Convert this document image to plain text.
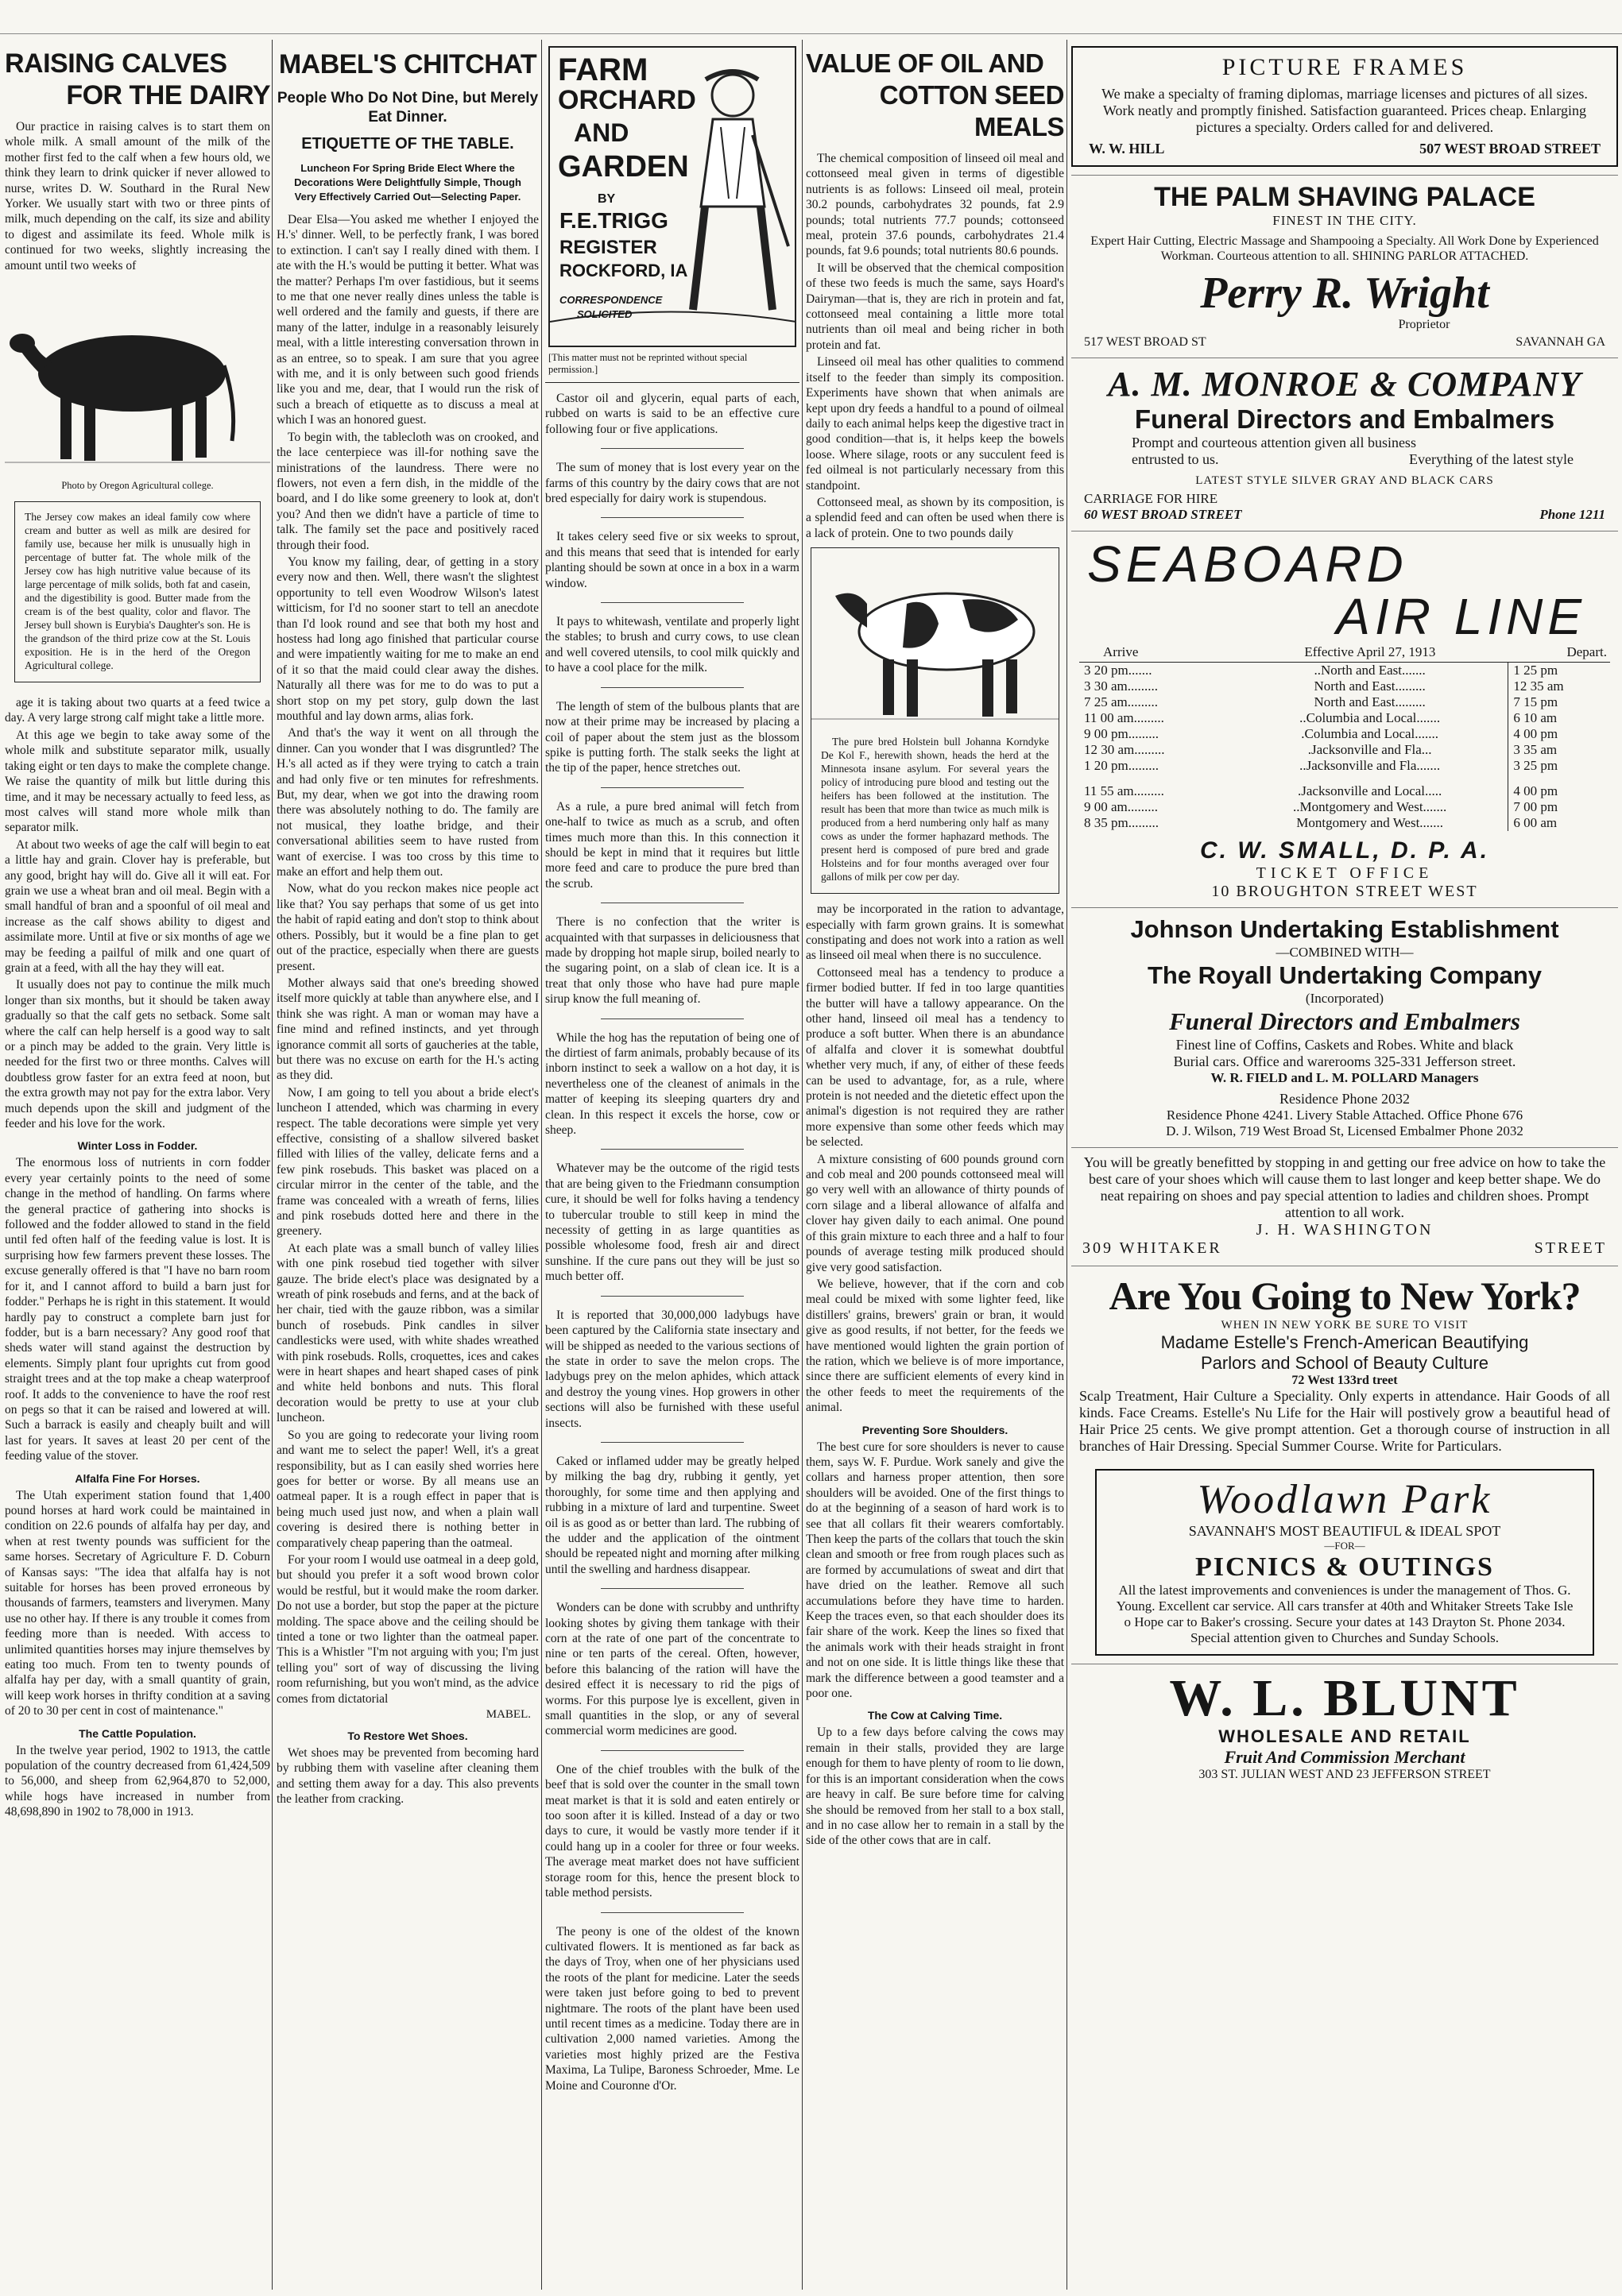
RAISING CALVES
FOR THE DAIRY

Our practice in raising calves is to start them on whole milk. A small amount of the milk of the mother first fed to the calf when a few hours old, we think they learn to drink quicker if never allowed to nurse, writes D. W. Southard in the Rural New Yorker. We usually start with two or three pints of milk, much depending on the calf, its size and ability to digest and assimilate its feed. Whole milk is continued for two weeks, slightly increasing the amount until two weeks of

Photo by Oregon Agricultural college.

The Jersey cow makes an ideal family cow where cream and butter as well as milk are desired for family use, because her milk is unusually high in percentage of butter fat. The whole milk of the Jersey cow has high nutritive value because of its large percentage of milk solids, both fat and casein, and the digestibility is good. Butter made from the cream is of the best quality, color and flavor. The Jersey bull shown is Eurybia's Daughter's son. He is the grandson of the third prize cow at the St. Louis exposition. He is in the herd of the Oregon Agricultural college.

age it is taking about two quarts at a feed twice a day. A very large strong calf might take a little more.

At this age we begin to take away some of the whole milk and substitute separator milk, usually taking eight or ten days to make the complete change. We raise the quantity of milk but little during this time, and it may be necessary actually to feed less, as most calves will stand more whole milk than separator milk.

At about two weeks of age the calf will begin to eat a little hay and grain. Clover hay is preferable, but any good, bright hay will do. Give all it will eat. For grain we use a wheat bran and oil meal. Begin with a small handful of bran and a spoonful of oil meal and increase as the calf shows ability to digest and assimilate more. Until at five or six months of age we may be feeding a pailful of milk and one quart of grain at a feed, with all the hay they will eat.

It usually does not pay to continue the milk much longer than six months, but it should be taken away gradually so that the calf gets no setback. Some salt where the calf can help herself is a good way to salt or a pinch may be added to the grain. Very little is needed for the first two or three months. Calves will doubtless grow faster for an extra feed at noon, but the extra growth may not pay for the extra labor. Very much depends upon the skill and judgment of the feeder and his love for the work.

Winter Loss in Fodder.

The enormous loss of nutrients in corn fodder every year certainly points to the need of some change in the method of handling. On farms where the general practice of gathering into shocks is followed and the fodder allowed to stand in the field until fed often half of the feeding value is lost. It is surprising how few farmers prevent these losses. The excuse generally offered is that "I have no barn room for it, and I cannot afford to build a barn just for fodder." Perhaps he is right in this statement. It would hardly pay to construct a complete barn just for fodder, but is a barn necessary? Any good roof that sheds water will stand against the destruction by elements. Simply plant four uprights cut from good straight trees and at the top make a cheap waterproof roof. It adds to the convenience to have the roof rest on pegs so that it can be raised and lowered at will. Such a barrack is easily and cheaply built and will last for years. It saves at least 20 per cent of the feeding value of the stover.

Alfalfa Fine For Horses.

The Utah experiment station found that 1,400 pound horses at hard work could be maintained in condition on 22.6 pounds of alfalfa hay per day, and when at rest twenty pounds was sufficient for the same horses. Secretary of Agriculture F. D. Coburn of Kansas says: "The idea that alfalfa hay is not suitable for horses has been proved erroneous by thousands of farmers, teamsters and liverymen. Many use no other hay. If there is any trouble it comes from feeding more than is needed. With access to unlimited quantities horses may injure themselves by eating too much. From ten to twenty pounds of alfalfa hay per day, with a small quantity of grain, will keep work horses in thrifty condition at a saving of 20 to 30 per cent in cost of maintenance."

The Cattle Population.

In the twelve year period, 1902 to 1913, the cattle population of the country decreased from 61,424,509 to 56,000, and sheep from 62,964,870 to 52,000, while hogs have increased in number from 48,698,890 in 1902 to 78,000 in 1913.

MABEL'S CHITCHAT
People Who Do Not Dine, but Merely Eat Dinner.
ETIQUETTE OF THE TABLE.
Luncheon For Spring Bride Elect Where the Decorations Were Delightfully Simple, Though Very Effectively Carried Out—Selecting Paper.

Dear Elsa—You asked me whether I enjoyed the H.'s' dinner. Well, to be perfectly frank, I was bored to extinction. I can't say I really dined with them. I ate with the H.'s would be putting it better. What was the matter? Perhaps I'm over fastidious, but it seems to me that one never really dines unless the table is well ordered and the family and guests, if there are many of the latter, indulge in a reasonably leisurely meal, with a little interesting conversation thrown in as an entree, so to speak. I am sure that you agree with me, and it is only between such good friends like you and me, dear, that I would run the risk of such a breach of etiquette as to discuss a meal at which I was an honored guest.

To begin with, the tablecloth was on crooked, and the lace centerpiece was ill-for nothing save the ministrations of the laundress. There were no flowers, not even a fern dish, in the middle of the board, and I do like some greenery to look at, don't you? And then we didn't have a particle of time to talk. The family set the pace and positively raced through their food.

You know my failing, dear, of getting in a story every now and then. Well, there wasn't the slightest opportunity to tell even Woodrow Wilson's latest witticism, for I'd no sooner start to tell an anecdote than I'd look round and see that both my host and hostess had long ago finished that particular course and were impatiently waiting for me to make an end of it so that the maid could clear away the dishes. Naturally all there was for me to do was to put a short stop on my pet story, gulp down the last mouthful and lay down arms, alias fork.

And that's the way it went on all through the dinner. Can you wonder that I was disgruntled? The H.'s all acted as if they were trying to catch a train and had only five or ten minutes for refreshments. But, my dear, when we got into the drawing room there was absolutely nothing to do. The family are not musical, they loathe bridge, and their conversational abilities seem to have rusted from want of exercise. I was too cross by this time to make an effort and help them out.

Now, what do you reckon makes nice people act like that? You say perhaps that some of us get into the habit of rapid eating and don't stop to think about others. Possibly, but it would be a fine plan to get out of the practice, especially when there are guests present.

Mother always said that one's breeding showed itself more quickly at table than anywhere else, and I think she was right. A man or woman may have a fine mind and refined instincts, and yet through ignorance commit all sorts of gaucheries at the table, but there was no excuse on earth for the H.'s acting as they did.

Now, I am going to tell you about a bride elect's luncheon I attended, which was charming in every respect. The table decorations were simple yet very effective, consisting of a shallow silvered basket filled with lilies of the valley, delicate ferns and a few pink rosebuds. This basket was placed on a circular mirror in the center of the table, and the frame was concealed with a wreath of ferns, lilies and pink rosebuds dotted here and there in the greenery.

At each plate was a small bunch of valley lilies with one pink rosebud tied together with silver gauze. The bride elect's place was designated by a wreath of pink rosebuds and ferns, and at the back of her chair, tied with the gauze ribbon, was a similar bunch of rosebuds. Pink candles in silver candlesticks were used, with white shades wreathed with pink rosebuds. Rolls, croquettes, ices and cakes were in heart shapes and heart shaped cases of pink and white held bonbons and nuts. This floral decoration would be pretty to use at your club luncheon.

So you are going to redecorate your living room and want me to select the paper! Well, it's a great responsibility, but as I can easily shed worries here goes for better or worse. By all means use an oatmeal paper. It is a rough effect in paper that is being much used just now, and when a plain wall covering is desired there is nothing better in comparatively cheap papering than the oatmeal.

For your room I would use oatmeal in a deep gold, but should you prefer it a soft wood brown color would be restful, but it would make the room darker. Do not use a border, but stop the paper at the picture molding. The space above and the ceiling should be tinted a tone or two lighter than the oatmeal paper. This is a Whistler "I'm not arguing with you; I'm just telling you" sort of way of discussing the living room refurnishing, but you won't mind, as the advice comes from dictatorial

MABEL.
To Restore Wet Shoes.

Wet shoes may be prevented from becoming hard by rubbing them with vaseline after cleaning them and setting them away for a day. This also prevents the leather from cracking.

FARM
ORCHARD
AND
GARDEN
BY
F.E.TRIGG
REGISTER
ROCKFORD, IA
CORRESPONDENCE
SOLICITED
[This matter must not be reprinted without special permission.]

Castor oil and glycerin, equal parts of each, rubbed on warts is said to be an effective cure following four or five applications.

The sum of money that is lost every year on the farms of this country by the dairy cows that are not bred especially for dairy work is stupendous.

It takes celery seed five or six weeks to sprout, and this means that seed that is intended for early planting should be sown at once in a box in a warm window.

It pays to whitewash, ventilate and properly light the stables; to brush and curry cows, to use clean and well covered utensils, to cool milk quickly and to have a cool place for the milk.

The length of stem of the bulbous plants that are now at their prime may be increased by placing a coil of paper about the stem just as the blossom spike is putting forth. The stalk seeks the light at the tip of the paper, hence stretches out.

As a rule, a pure bred animal will fetch from one-half to twice as much as a scrub, and often times much more than this. In this connection it should be kept in mind that it requires but little more feed and care to produce the pure bred than the scrub.

There is no confection that the writer is acquainted with that surpasses in deliciousness that made by dropping hot maple sirup, boiled nearly to the sugaring point, on a slab of clean ice. It is a treat that only those who have had pure maple sirup know the full meaning of.

While the hog has the reputation of being one of the dirtiest of farm animals, probably because of its inborn instinct to seek a wallow on a hot day, it is nevertheless one of the cleanest of animals in the matter of keeping its sleeping quarters dry and clean. In this respect it excels the horse, cow or sheep.

Whatever may be the outcome of the rigid tests that are being given to the Friedmann consumption cure, it should be well for folks having a tendency to tubercular trouble to still keep in mind the necessity of getting in as large quantities as possible wholesome food, fresh air and direct sunshine. If the cure pans out they will be just so much better off.

It is reported that 30,000,000 ladybugs have been captured by the California state insectary and will be shipped as needed to the various sections of the state in order to save the melon crops. The ladybugs prey on the melon aphides, which attack and destroy the young vines. Hop growers in other sections will also be furnished with these useful insects.

Caked or inflamed udder may be greatly helped by milking the bag dry, rubbing it gently, yet thoroughly, for some time and then applying and rubbing in a mixture of lard and turpentine. Sweet oil is as good as or better than lard. The rubbing of the udder and the application of the ointment should be repeated night and morning after milking until the swelling and hardness disappear.

Wonders can be done with scrubby and unthrifty looking shotes by giving them tankage with their corn at the rate of one part of the concentrate to nine or ten parts of the cereal. Often, however, before this balancing of the ration will have the desired effect it is necessary to rid the pigs of worms. For this purpose lye is excellent, given in small quantities in the slop, or any of several commercial worm medicines are good.

One of the chief troubles with the bulk of the beef that is sold over the counter in the small town meat market is that it is sold and eaten entirely or too soon after it is killed. Instead of a day or two days to cure, it would be vastly more tender if it could hang up in a cooler for three or four weeks. The average meat market does not have sufficient storage room for this, hence the present block to table method persists.

The peony is one of the oldest of the known cultivated flowers. It is mentioned as far back as the days of Troy, when one of her physicians used the roots of the plant for medicine. Later the seeds were taken just before going to bed to prevent nightmare. The roots of the plant have been used until recent times as a medicine. Today there are in cultivation 2,000 named varieties. Among the varieties most highly prized are the Festiva Maxima, La Tulipe, Baroness Schroeder, Mme. Le Moine and Couronne d'Or.

VALUE OF OIL AND
COTTON SEED MEALS

The chemical composition of linseed oil meal and cottonseed meal given in terms of digestible nutrients is as follows: Linseed oil meal, protein 30.2 pounds, carbohydrates 32 pounds, fat 2.9 pounds; total nutrients 77.7 pounds; cottonseed meal, protein 37.6 pounds, carbohydrates 21.4 pounds, fat 9.6 pounds; total nutrients 80.6 pounds.

It will be observed that the chemical composition of these two feeds is much the same, says Hoard's Dairyman—that is, they are rich in protein and fat, cottonseed meal containing a little more total nutrients than oil meal and being richer in both protein and fat.

Linseed oil meal has other qualities to commend itself to the feeder than simply its composition. Experiments have shown that when animals are kept upon dry feeds a handful to a pound of oilmeal daily to each animal helps keep the digestive tract in good condition—that is, it helps keep the bowels loose. Where silage, roots or any succulent feed is fed oilmeal is not particularly necessary from this standpoint.

Cottonseed meal, as shown by its composition, is a splendid feed and can often be used when there is a lack of protein. One to two pounds daily

The pure bred Holstein bull Johanna Korndyke De Kol F., herewith shown, heads the herd at the Minnesota insane asylum. For several years the policy of introducing pure blood and testing out the heifers has been followed at the institution. The result has been that more than twice as much milk is produced from a herd numbering only half as many cows as under the former haphazard methods. The present herd is composed of pure bred and grade Holsteins and for four months averaged over four gallons of milk per cow per day.

may be incorporated in the ration to advantage, especially with farm grown grains. It is somewhat constipating and does not work into a ration as well as linseed oil meal when there is no succulence.

Cottonseed meal has a tendency to produce a firmer bodied butter. If fed in too large quantities the butter will have a tallowy appearance. On the other hand, linseed oil meal has a tendency to produce a soft butter. When there is an abundance of alfalfa and clover it is somewhat doubtful whether very much, if any, of either of these feeds can be used to advantage, for, as a rule, where protein is not needed and the dietetic effect upon the animal's digestion is not required they are rather more expensive than some other feeds which may be selected.

A mixture consisting of 600 pounds ground corn and cob meal and 200 pounds cottonseed meal will go very well with an allowance of thirty pounds of corn silage and a liberal allowance of alfalfa and clover hay given daily to each animal. One pound of this grain mixture to each three and a half to four pounds of average testing milk produced should give very good satisfaction.

We believe, however, that if the corn and cob meal could be mixed with some lighter feed, like distillers' grains, brewers' grain or bran, it would give as good results, if not better, for the feeds we have mentioned would lighten the grain portion of the ration, which we believe is of more importance, since there are sufficient elements of every kind in the other feeds to meet the requirements of the animal.

Preventing Sore Shoulders.

The best cure for sore shoulders is never to cause them, says W. F. Purdue. Work sanely and give the collars and harness proper attention, then sore shoulders will be avoided. One of the first things to do at the beginning of a season of hard work is to see that all collars fit their wearers comfortably. Then keep the parts of the collars that touch the skin clean and smooth or free from rough places such as are formed by accumulations of sweat and dirt that have dried on the leather. Remove all such accumulations before they have time to harden. Keep the traces even, so that each shoulder does its fair share of the work. Keep the lines so fixed that the animals work with their heads straight in front and not on one side. It is little things like these that mark the difference between a good teamster and a poor one.

The Cow at Calving Time.

Up to a few days before calving the cows may remain in their stalls, provided they are large enough for them to have plenty of room to lie down, for this is an important consideration when the cows are heavy in calf. Be sure before time for calving she should be removed from her stall to a box stall, and in no case allow her to remain in a stall by the side of the other cows that are in calf.

PICTURE FRAMES
We make a specialty of framing diplomas, marriage licenses and pictures of all sizes. Work neatly and promptly finished. Satisfaction guaranteed. Prices cheap. Enlarging pictures a specialty. Orders called for and delivered.
W. W. HILL	507 WEST BROAD STREET
THE PALM SHAVING PALACE
FINEST IN THE CITY.
Expert Hair Cutting, Electric Massage and Shampooing a Specialty. All Work Done by Experienced Workman. Courteous attention to all. SHINING PARLOR ATTACHED.
Perry R. Wright
Proprietor
517 WEST BROAD ST	SAVANNAH GA
A. M. MONROE & COMPANY
Funeral Directors and Embalmers
Prompt and courteous attention given all business
entrusted to us.	Everything of the latest style
LATEST STYLE SILVER GRAY AND BLACK CARS
CARRIAGE FOR HIRE
60 WEST BROAD STREET	Phone 1211
SEABOARD
AIR LINE
Arrive	Effective April 27, 1913	Depart.
3 20 pm.......	..North and East.......	1 25 pm
3 30 am.........	North and East.........	12 35 am
7 25 am.........	North and East.........	7 15 pm
11 00 am.........	..Columbia and Local.......	6 10 am
9 00 pm.........	.Columbia and Local.......	4 00 pm
12 30 am.........	.Jacksonville and Fla...	3 35 am
1 20 pm.........	..Jacksonville and Fla.......	3 25 pm

11 55 am.........	.Jacksonville and Local.....	4 00 pm
9 00 am.........	..Montgomery and West.......	7 00 pm
8 35 pm.........	Montgomery and West.......	6 00 am
C. W. SMALL, D. P. A.
TICKET OFFICE
10 BROUGHTON STREET WEST
Johnson Undertaking Establishment
—COMBINED WITH—
The Royall Undertaking Company
(Incorporated)
Funeral Directors and Embalmers
Finest line of Coffins, Caskets and Robes. White and black
Burial cars. Office and warerooms 325-331 Jefferson street.
W. R. FIELD and L. M. POLLARD Managers
Residence Phone 2032
Residence Phone 4241. Livery Stable Attached. Office Phone 676
D. J. Wilson, 719 West Broad St, Licensed Embalmer Phone 2032
You will be greatly benefitted by stopping in and getting our free advice on how to take the best care of your shoes which will cause them to last longer and keep better shape. We do neat repairing on shoes and pay special attention to ladies and children shoes. Prompt attention to all work.
J. H. WASHINGTON
309 WHITAKER	STREET
Are You Going to New York?
WHEN IN NEW YORK BE SURE TO VISIT
Madame Estelle's French-American Beautifying
Parlors and School of Beauty Culture
72 West 133rd treet
Scalp Treatment, Hair Culture a Speciality. Only experts in attendance. Hair Goods of all kinds. Face Creams. Estelle's Nu Life for the Hair will postively grow a beautiful head of Hair Price 25 cents. We give prompt attention. Get a thorough course of instruction in all branches of Hair Dressing. Special Summer Course. Write for Particulars.
Woodlawn Park
SAVANNAH'S MOST BEAUTIFUL & IDEAL SPOT
—FOR—
PICNICS & OUTINGS
All the latest improvements and conveniences is under the management of Thos. G. Young. Excellent car service. All cars transfer at 40th and Whitaker Streets Take Isle o Hope car to Baker's crossing. Secure your dates at 143 Drayton St. Phone 2034. Special attention given to Churches and Sunday Schools.
W. L. BLUNT
WHOLESALE AND RETAIL
Fruit And Commission Merchant
303 ST. JULIAN WEST AND 23 JEFFERSON STREET
